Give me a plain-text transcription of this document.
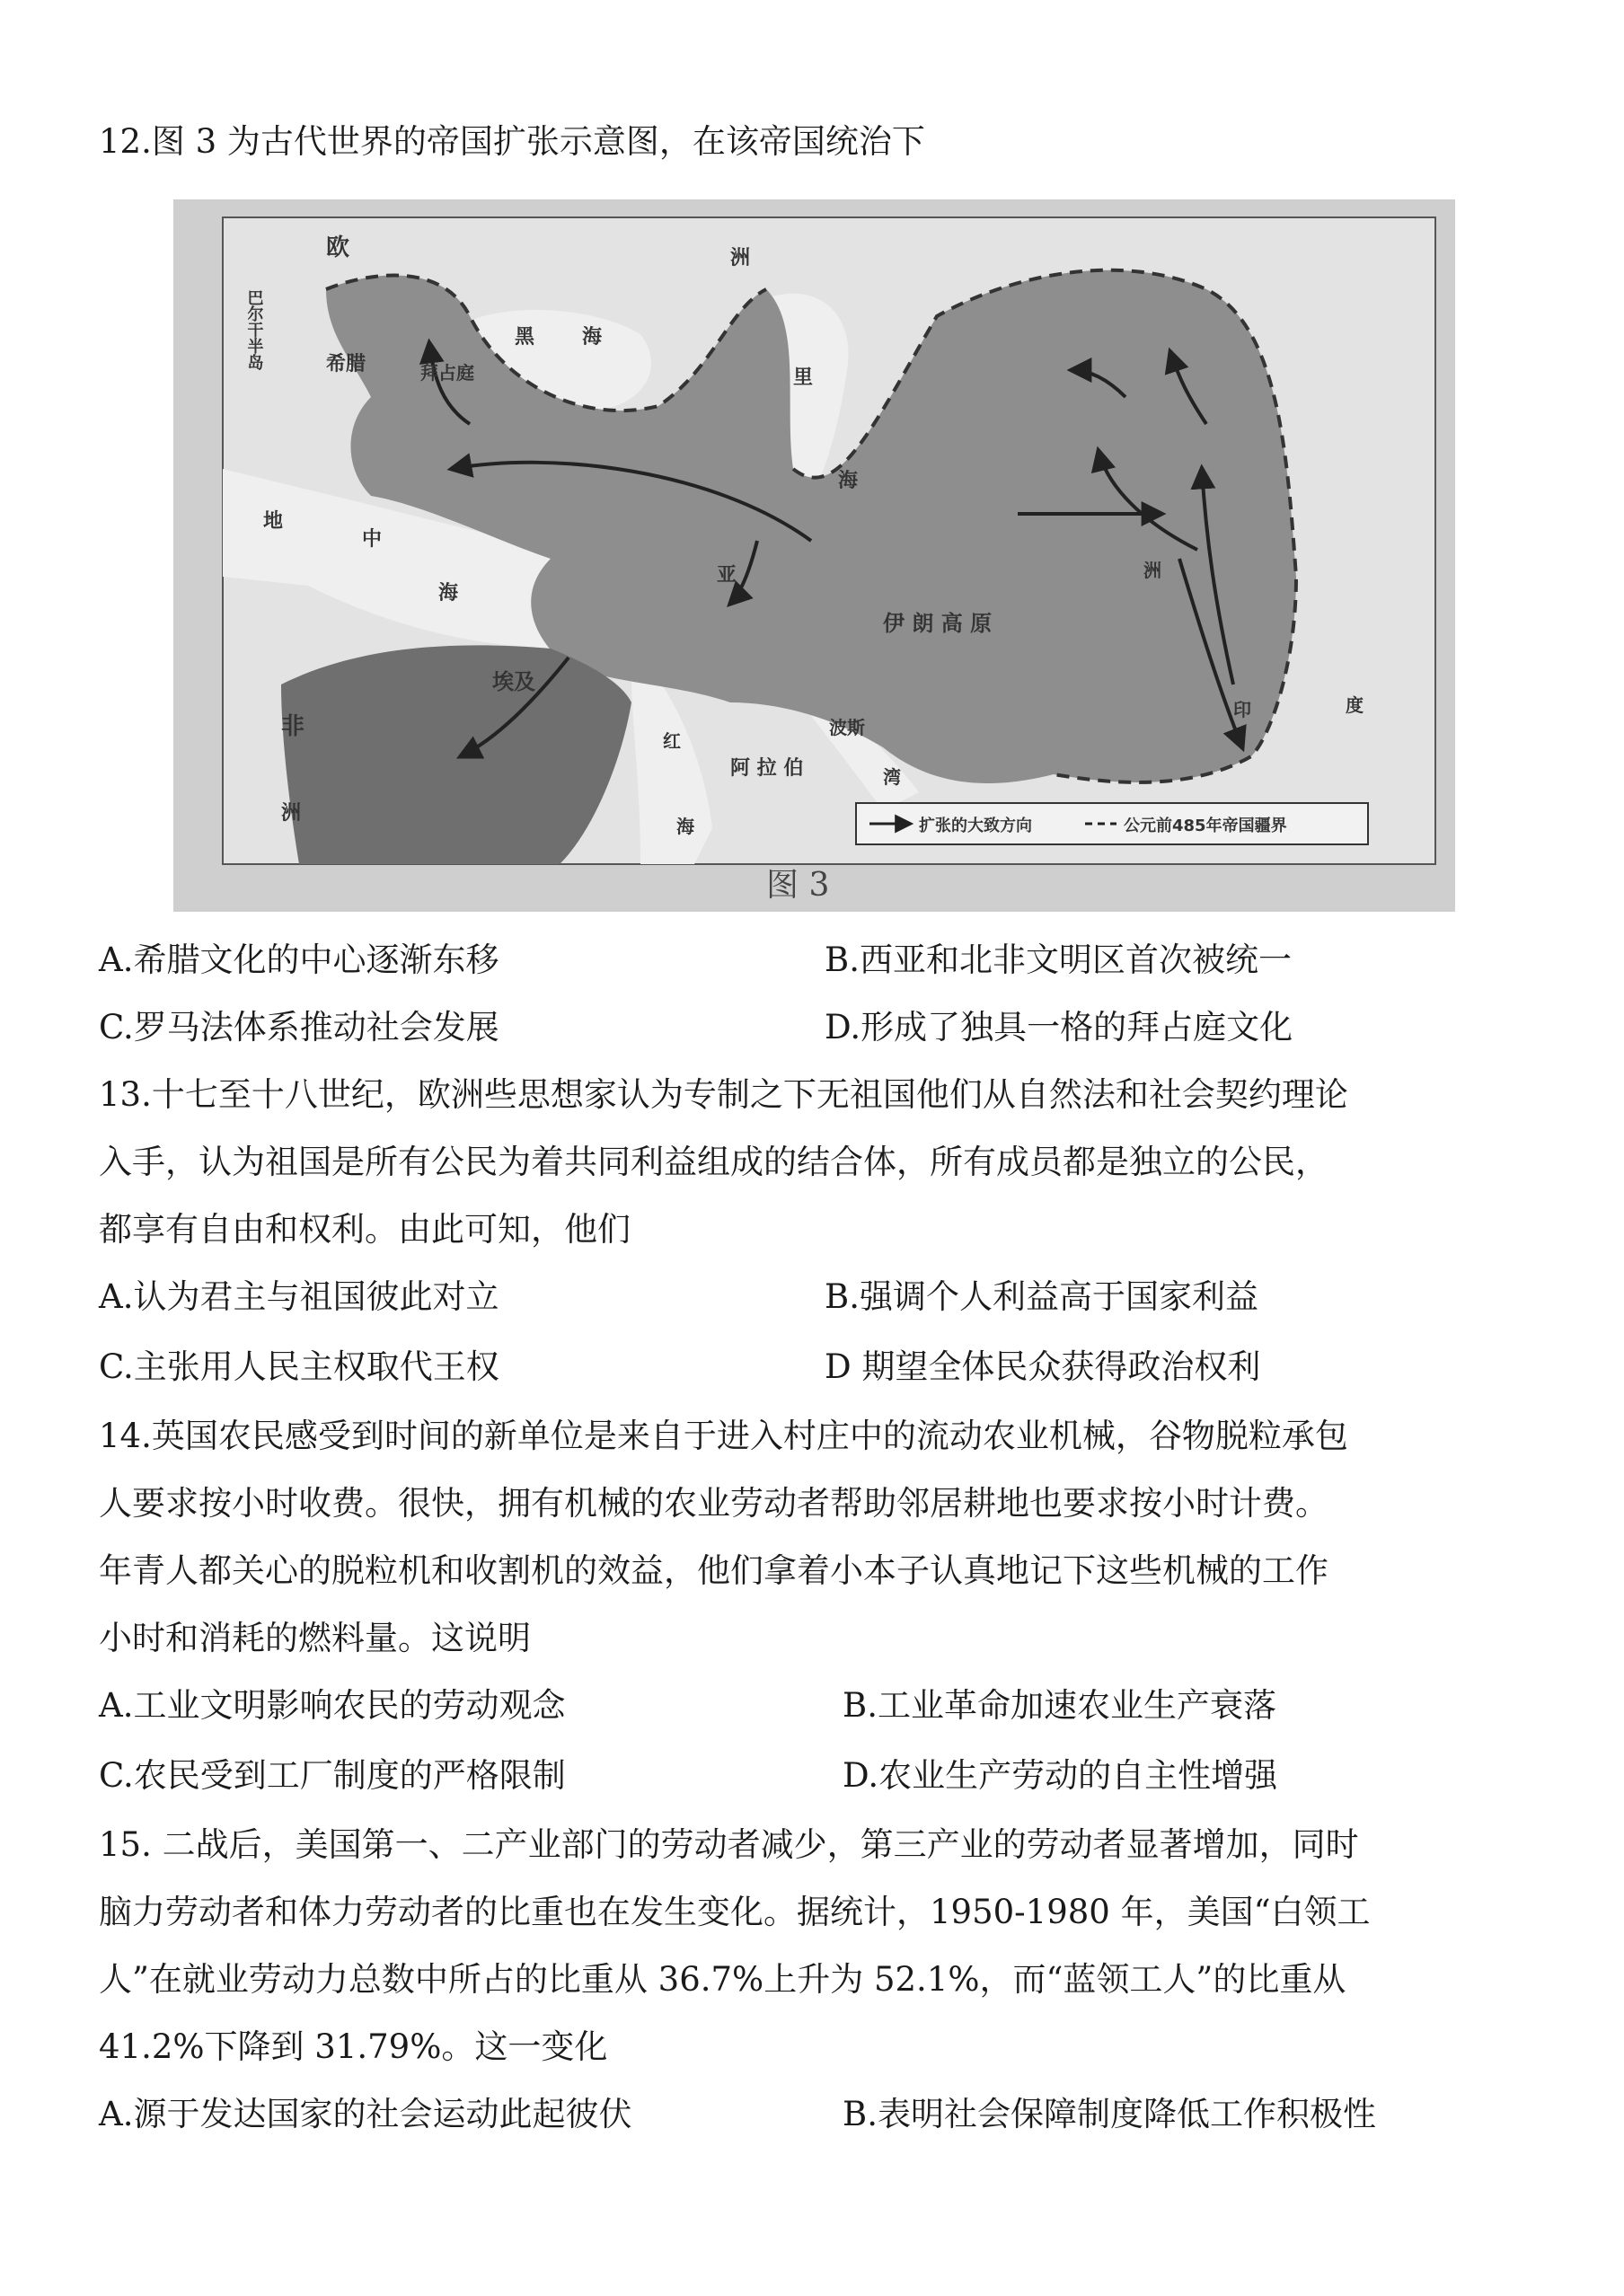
12.图 3 为古代世界的帝国扩张示意图，在该帝国统治下
欧	洲
巴尔干半岛	希腊
黑 海
拜占庭	里
海
地
中
海
亚
伊 朗 高 原
洲
非
洲
埃及
红
海
阿 拉 伯
波斯
湾
印	度
扩张的大致方向	公元前485年帝国疆界
图 3
A.希腊文化的中心逐渐东移	B.西亚和北非文明区首次被统一
C.罗马法体系推动社会发展	D.形成了独具一格的拜占庭文化
13.十七至十八世纪，欧洲些思想家认为专制之下无祖国他们从自然法和社会契约理论
入手，认为祖国是所有公民为着共同利益组成的结合体，所有成员都是独立的公民，
都享有自由和权利。由此可知，他们
A.认为君主与祖国彼此对立	B.强调个人利益高于国家利益
C.主张用人民主权取代王权	D 期望全体民众获得政治权利
14.英国农民感受到时间的新单位是来自于进入村庄中的流动农业机械，谷物脱粒承包
人要求按小时收费。很快，拥有机械的农业劳动者帮助邻居耕地也要求按小时计费。
年青人都关心的脱粒机和收割机的效益，他们拿着小本子认真地记下这些机械的工作
小时和消耗的燃料量。这说明
A.工业文明影响农民的劳动观念	B.工业革命加速农业生产衰落
C.农民受到工厂制度的严格限制	D.农业生产劳动的自主性增强
15. 二战后，美国第一、二产业部门的劳动者减少，第三产业的劳动者显著增加，同时
脑力劳动者和体力劳动者的比重也在发生变化。据统计，1950-1980 年，美国“白领工
人”在就业劳动力总数中所占的比重从 36.7%上升为 52.1%，而“蓝领工人”的比重从
41.2%下降到 31.79%。这一变化
A.源于发达国家的社会运动此起彼伏	B.表明社会保障制度降低工作积极性
